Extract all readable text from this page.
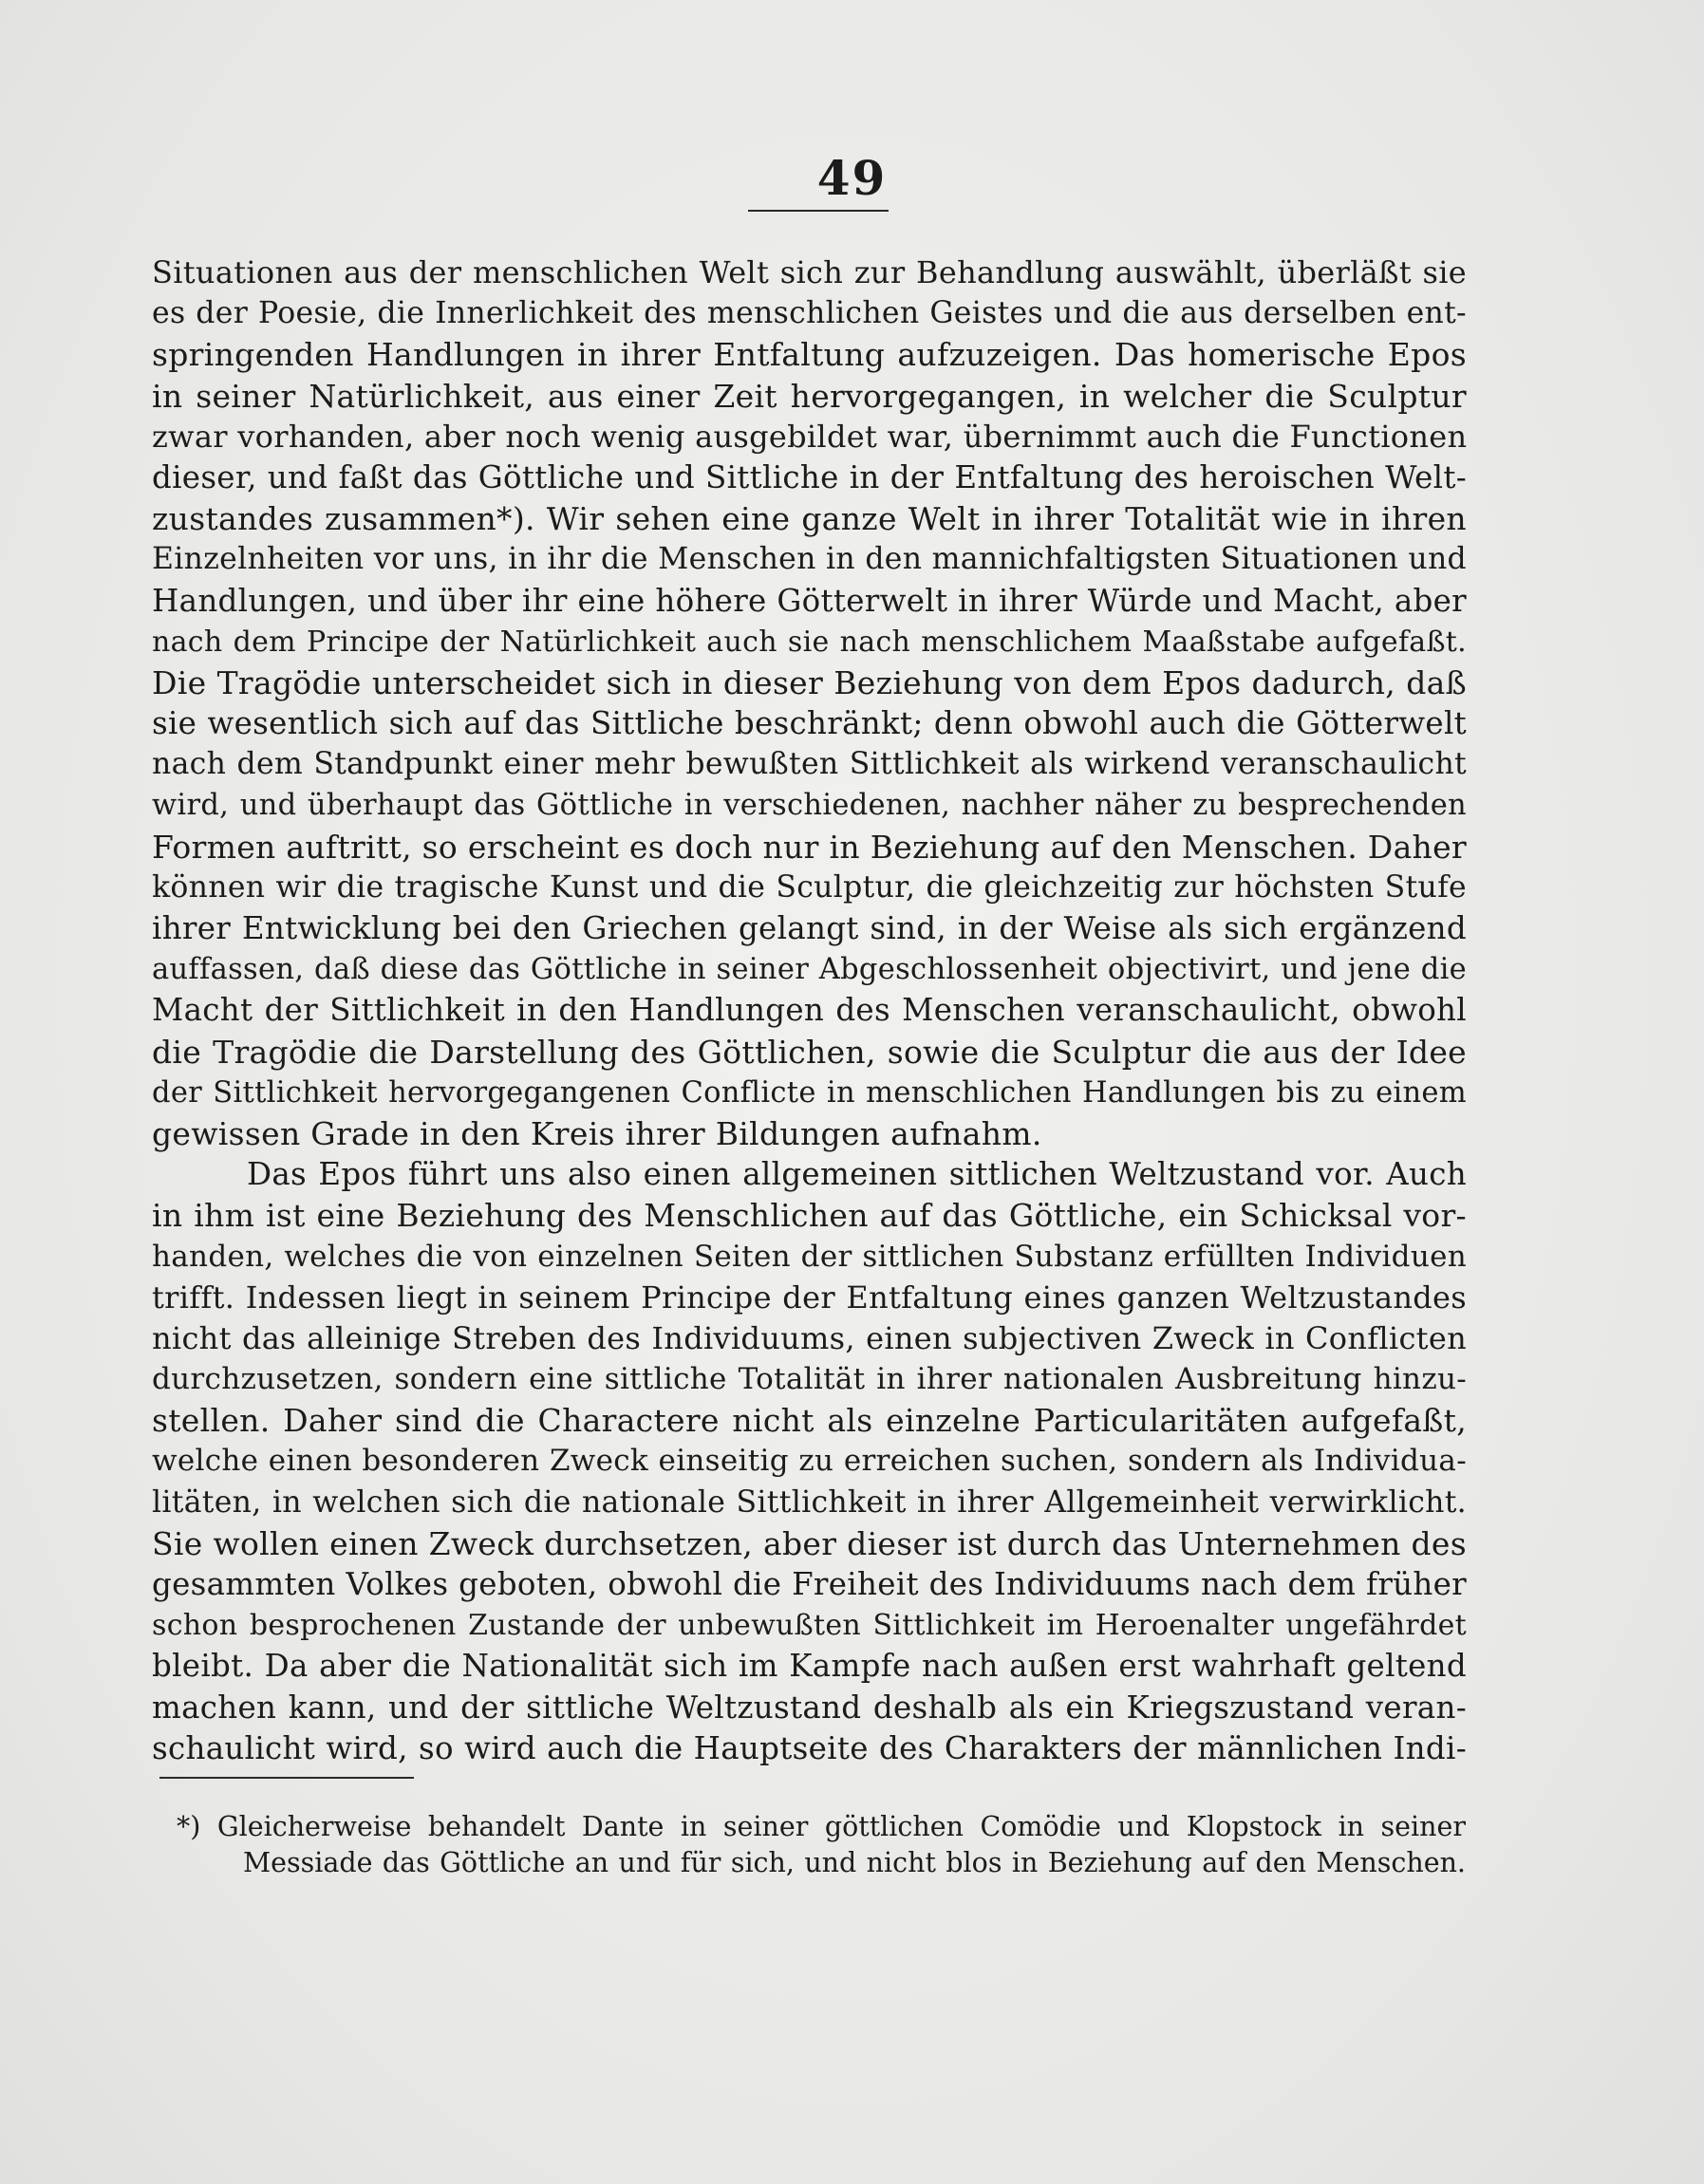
49
Situationen aus der menschlichen Welt sich zur Behandlung auswählt, überläßt sie
es der Poesie, die Innerlichkeit des menschlichen Geistes und die aus derselben ent-
springenden Handlungen in ihrer Entfaltung aufzuzeigen. Das homerische Epos
in seiner Natürlichkeit, aus einer Zeit hervorgegangen, in welcher die Sculptur
zwar vorhanden, aber noch wenig ausgebildet war, übernimmt auch die Functionen
dieser, und faßt das Göttliche und Sittliche in der Entfaltung des heroischen Welt-
zustandes zusammen*). Wir sehen eine ganze Welt in ihrer Totalität wie in ihren
Einzelnheiten vor uns, in ihr die Menschen in den mannichfaltigsten Situationen und
Handlungen, und über ihr eine höhere Götterwelt in ihrer Würde und Macht, aber
nach dem Principe der Natürlichkeit auch sie nach menschlichem Maaßstabe aufgefaßt.
Die Tragödie unterscheidet sich in dieser Beziehung von dem Epos dadurch, daß
sie wesentlich sich auf das Sittliche beschränkt; denn obwohl auch die Götterwelt
nach dem Standpunkt einer mehr bewußten Sittlichkeit als wirkend veranschaulicht
wird, und überhaupt das Göttliche in verschiedenen, nachher näher zu besprechenden
Formen auftritt, so erscheint es doch nur in Beziehung auf den Menschen. Daher
können wir die tragische Kunst und die Sculptur, die gleichzeitig zur höchsten Stufe
ihrer Entwicklung bei den Griechen gelangt sind, in der Weise als sich ergänzend
auffassen, daß diese das Göttliche in seiner Abgeschlossenheit objectivirt, und jene die
Macht der Sittlichkeit in den Handlungen des Menschen veranschaulicht, obwohl
die Tragödie die Darstellung des Göttlichen, sowie die Sculptur die aus der Idee
der Sittlichkeit hervorgegangenen Conflicte in menschlichen Handlungen bis zu einem
gewissen Grade in den Kreis ihrer Bildungen aufnahm.
Das Epos führt uns also einen allgemeinen sittlichen Weltzustand vor. Auch
in ihm ist eine Beziehung des Menschlichen auf das Göttliche, ein Schicksal vor-
handen, welches die von einzelnen Seiten der sittlichen Substanz erfüllten Individuen
trifft. Indessen liegt in seinem Principe der Entfaltung eines ganzen Weltzustandes
nicht das alleinige Streben des Individuums, einen subjectiven Zweck in Conflicten
durchzusetzen, sondern eine sittliche Totalität in ihrer nationalen Ausbreitung hinzu-
stellen. Daher sind die Charactere nicht als einzelne Particularitäten aufgefaßt,
welche einen besonderen Zweck einseitig zu erreichen suchen, sondern als Individua-
litäten, in welchen sich die nationale Sittlichkeit in ihrer Allgemeinheit verwirklicht.
Sie wollen einen Zweck durchsetzen, aber dieser ist durch das Unternehmen des
gesammten Volkes geboten, obwohl die Freiheit des Individuums nach dem früher
schon besprochenen Zustande der unbewußten Sittlichkeit im Heroenalter ungefährdet
bleibt. Da aber die Nationalität sich im Kampfe nach außen erst wahrhaft geltend
machen kann, und der sittliche Weltzustand deshalb als ein Kriegszustand veran-
schaulicht wird, so wird auch die Hauptseite des Charakters der männlichen Indi-
*) Gleicherweise behandelt Dante in seiner göttlichen Comödie und Klopstock in seiner
Messiade das Göttliche an und für sich, und nicht blos in Beziehung auf den Menschen.
